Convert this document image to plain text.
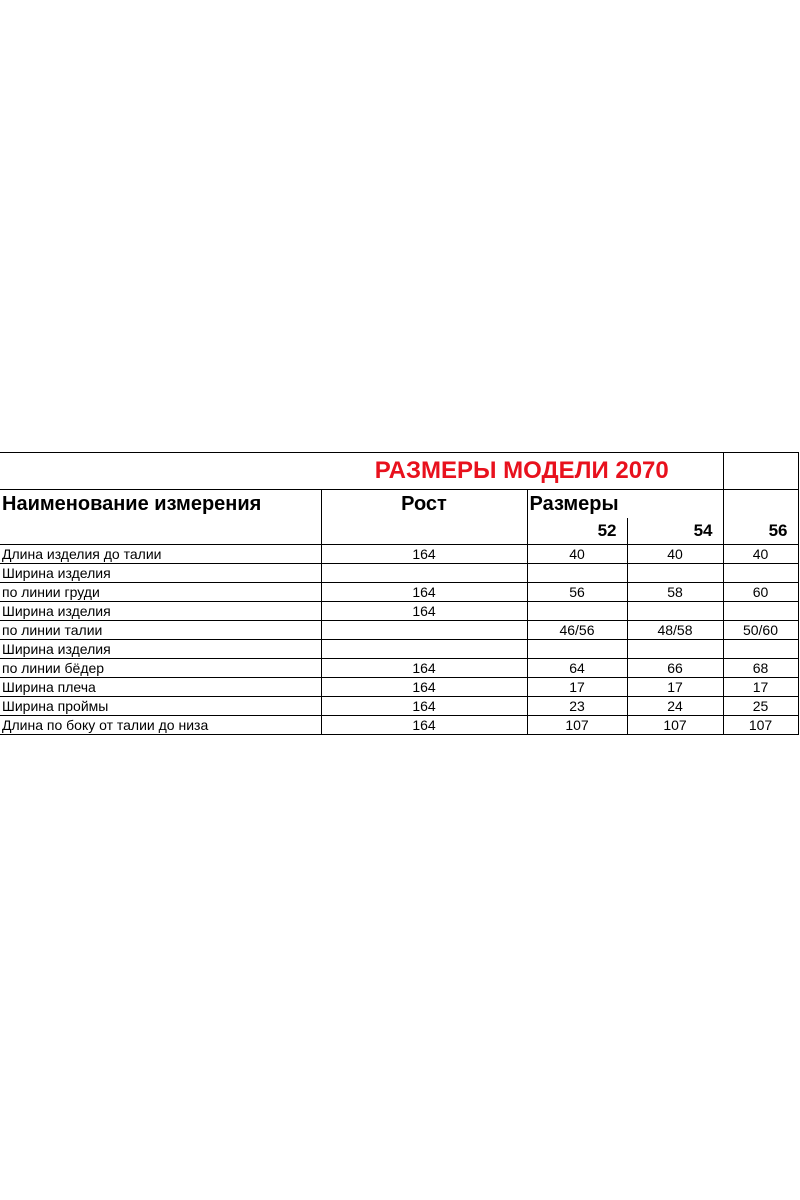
	РАЗМЕРЫ МОДЕЛИ 2070			
Наименование измерения	Рост	Размеры		
		52	54	56
Длина изделия до талии	164	40	40	40
Ширина изделия				
по линии груди	164	56	58	60
Ширина изделия	164			
по линии талии		46/56	48/58	50/60
Ширина изделия				
по линии бёдер	164	64	66	68
Ширина плеча	164	17	17	17
Ширина проймы	164	23	24	25
Длина по боку от талии до низа	164	107	107	107
